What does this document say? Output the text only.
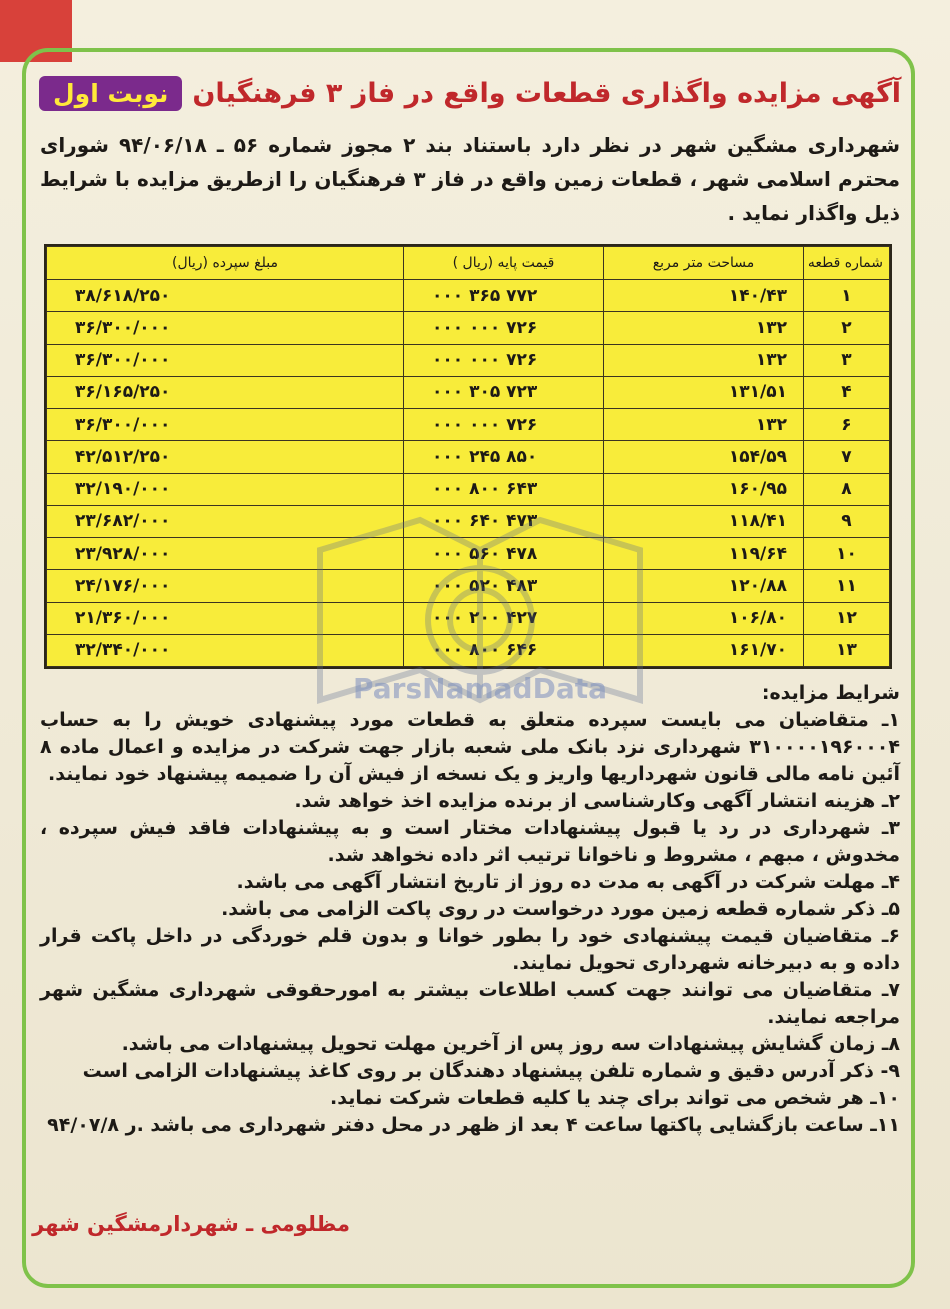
آگهی مزایده واگذاری قطعات واقع در فاز ۳ فرهنگیان
نوبت اول
شهرداری مشگین شهر در نظر دارد باستناد بند ۲ مجوز شماره ۵۶ ـ ۹۴/۰۶/۱۸ شورای محترم اسلامی شهر ، قطعات زمین واقع در فاز ۳ فرهنگیان را ازطریق مزایده با شرایط ذیل واگذار نماید .
شماره قطعه	مساحت متر مربع	قیمت پایه (ریال )	مبلغ سپرده (ریال)
۱	۱۴۰/۴۳	۷۷۲ ۳۶۵ ۰۰۰	۳۸/۶۱۸/۲۵۰
۲	۱۳۲	۷۲۶ ۰۰۰ ۰۰۰	۳۶/۳۰۰/۰۰۰
۳	۱۳۲	۷۲۶ ۰۰۰ ۰۰۰	۳۶/۳۰۰/۰۰۰
۴	۱۳۱/۵۱	۷۲۳ ۳۰۵ ۰۰۰	۳۶/۱۶۵/۲۵۰
۶	۱۳۲	۷۲۶ ۰۰۰ ۰۰۰	۳۶/۳۰۰/۰۰۰
۷	۱۵۴/۵۹	۸۵۰ ۲۴۵ ۰۰۰	۴۲/۵۱۲/۲۵۰
۸	۱۶۰/۹۵	۶۴۳ ۸۰۰ ۰۰۰	۳۲/۱۹۰/۰۰۰
۹	۱۱۸/۴۱	۴۷۳ ۶۴۰ ۰۰۰	۲۳/۶۸۲/۰۰۰
۱۰	۱۱۹/۶۴	۴۷۸ ۵۶۰ ۰۰۰	۲۳/۹۲۸/۰۰۰
۱۱	۱۲۰/۸۸	۴۸۳ ۵۲۰ ۰۰۰	۲۴/۱۷۶/۰۰۰
۱۲	۱۰۶/۸۰	۴۲۷ ۲۰۰ ۰۰۰	۲۱/۳۶۰/۰۰۰
۱۳	۱۶۱/۷۰	۶۴۶ ۸۰۰ ۰۰۰	۳۲/۳۴۰/۰۰۰
ParsNamadData	شرایط مزایده:

۱ـ متقاضیان می بایست سپرده متعلق به قطعات مورد پیشنهادی خویش را به حساب ۳۱۰۰۰۰۱۹۶۰۰۰۴ شهرداری نزد بانک ملی شعبه بازار جهت شرکت در مزایده و اعمال ماده ۸ آئین نامه مالی قانون شهرداریها واریز و یک نسخه از فیش آن را ضمیمه پیشنهاد خود نمایند.

۲ـ هزینه انتشار آگهی وکارشناسی از برنده مزایده اخذ خواهد شد.

۳ـ شهرداری در رد یا قبول پیشنهادات مختار است و به پیشنهادات فاقد فیش سپرده ، مخدوش ، مبهم ، مشروط و ناخوانا ترتیب اثر داده نخواهد شد.

۴ـ مهلت شرکت در آگهی به مدت ده روز از تاریخ انتشار آگهی می باشد.

۵ـ ذکر شماره قطعه زمین مورد درخواست در روی پاکت الزامی می باشد.

۶ـ متقاضیان قیمت پیشنهادی خود را بطور خوانا و بدون قلم خوردگی در داخل پاکت قرار داده و به دبیرخانه شهرداری تحویل نمایند.

۷ـ متقاضیان می توانند جهت کسب اطلاعات بیشتر به امورحقوقی شهرداری مشگین شهر مراجعه نمایند.

۸ـ زمان گشایش پیشنهادات سه روز پس از آخرین مهلت تحویل پیشنهادات می باشد.

۹- ذکر آدرس دقیق و شماره تلفن پیشنهاد دهندگان بر روی کاغذ پیشنهادات الزامی است

۱۰ـ هر شخص می تواند برای چند یا کلیه قطعات شرکت نماید.

۱۱ـ ساعت بازگشایی پاکتها ساعت ۴ بعد از ظهر در محل دفتر شهرداری می باشد .ر ۹۴/۰۷/۸

مظلومی ـ شهردارمشگین شهر
